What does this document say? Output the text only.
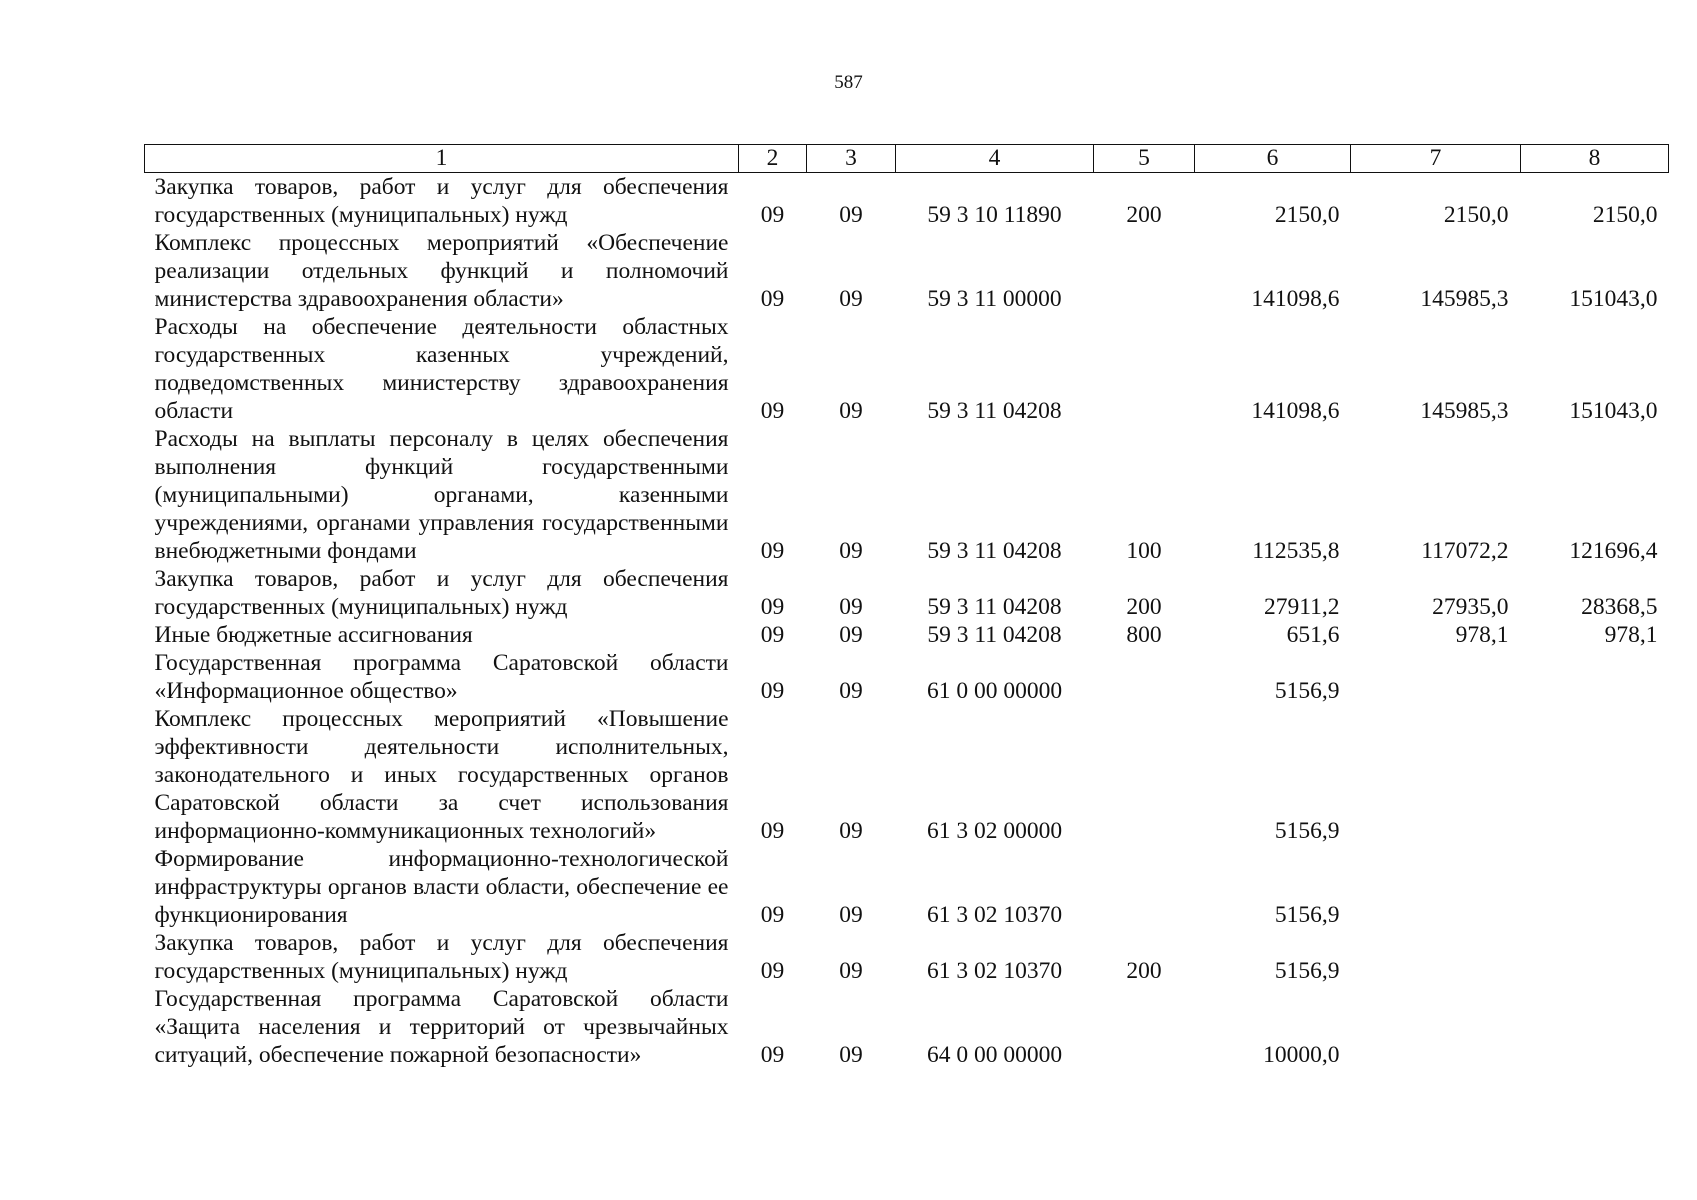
587
1	2	3	4	5	6	7	8
Закупка товаров, работ и услуг для обеспечения государственных (муниципальных) нужд	09	09	59 3 10 11890	200	2150,0	2150,0	2150,0
Комплекс процессных мероприятий «Обеспечение реализации отдельных функций и полномочий министерства здравоохранения области»	09	09	59 3 11 00000		141098,6	145985,3	151043,0
Расходы на обеспечение деятельности областных государственных казенных учреждений, подведомственных министерству здравоохранения области	09	09	59 3 11 04208		141098,6	145985,3	151043,0
Расходы на выплаты персоналу в целях обеспечения выполнения функций государственными (муниципальными) органами, казенными учреждениями, органами управления государственными внебюджетными фондами	09	09	59 3 11 04208	100	112535,8	117072,2	121696,4
Закупка товаров, работ и услуг для обеспечения государственных (муниципальных) нужд	09	09	59 3 11 04208	200	27911,2	27935,0	28368,5
Иные бюджетные ассигнования	09	09	59 3 11 04208	800	651,6	978,1	978,1
Государственная программа Саратовской области «Информационное общество»	09	09	61 0 00 00000		5156,9		
Комплекс процессных мероприятий «Повышение эффективности деятельности исполнительных, законодательного и иных государственных органов Саратовской области за счет использования информационно-коммуникационных технологий»	09	09	61 3 02 00000		5156,9		
Формирование информационно-технологической инфраструктуры органов власти области, обеспечение ее функционирования	09	09	61 3 02 10370		5156,9		
Закупка товаров, работ и услуг для обеспечения государственных (муниципальных) нужд	09	09	61 3 02 10370	200	5156,9		
Государственная программа Саратовской области «Защита населения и территорий от чрезвычайных ситуаций, обеспечение пожарной безопасности»	09	09	64 0 00 00000		10000,0		
